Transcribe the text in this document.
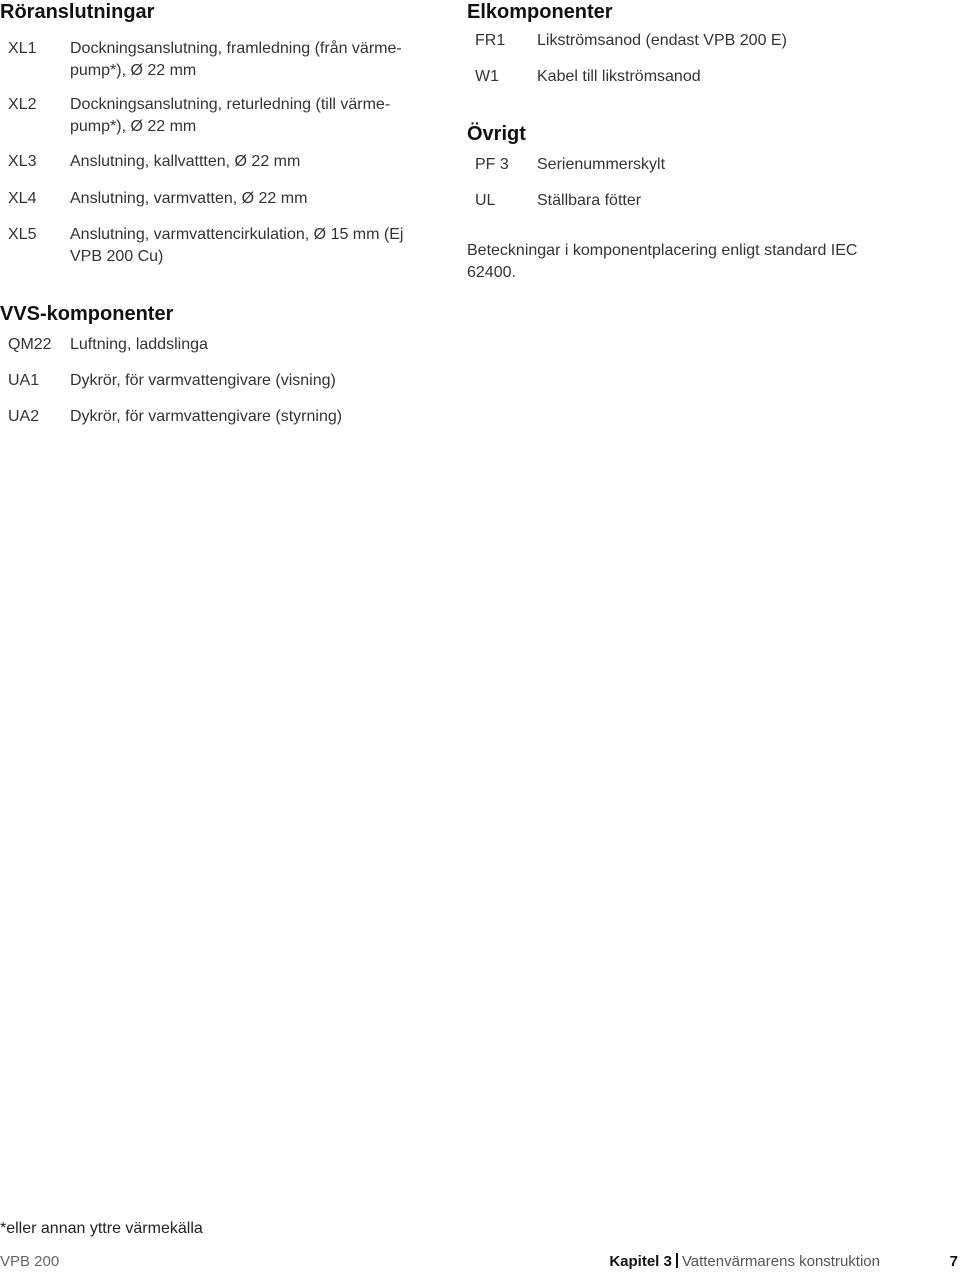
Röranslutningar
XL1 Dockningsanslutning, framledning (från värme-pump*), Ø 22 mm
XL2 Dockningsanslutning, returledning (till värme-pump*), Ø 22 mm
XL3 Anslutning, kallvattten, Ø 22 mm
XL4 Anslutning, varmvatten, Ø 22 mm
XL5 Anslutning, varmvattencirkulation, Ø 15 mm (Ej VPB 200 Cu)
VVS-komponenter
QM22 Luftning, laddslinga
UA1 Dykrör, för varmvattengivare (visning)
UA2 Dykrör, för varmvattengivare (styrning)
Elkomponenter
FR1 Likströmsanod (endast VPB 200 E)
W1 Kabel till likströmsanod
Övrigt
PF 3 Serienummerskylt
UL	Ställbara fötter

Beteckningar i komponentplacering enligt standard IEC 62400.

*eller annan yttre värmekälla

VPB 200	Kapitel 3 Vattenvärmarens konstruktion	7
